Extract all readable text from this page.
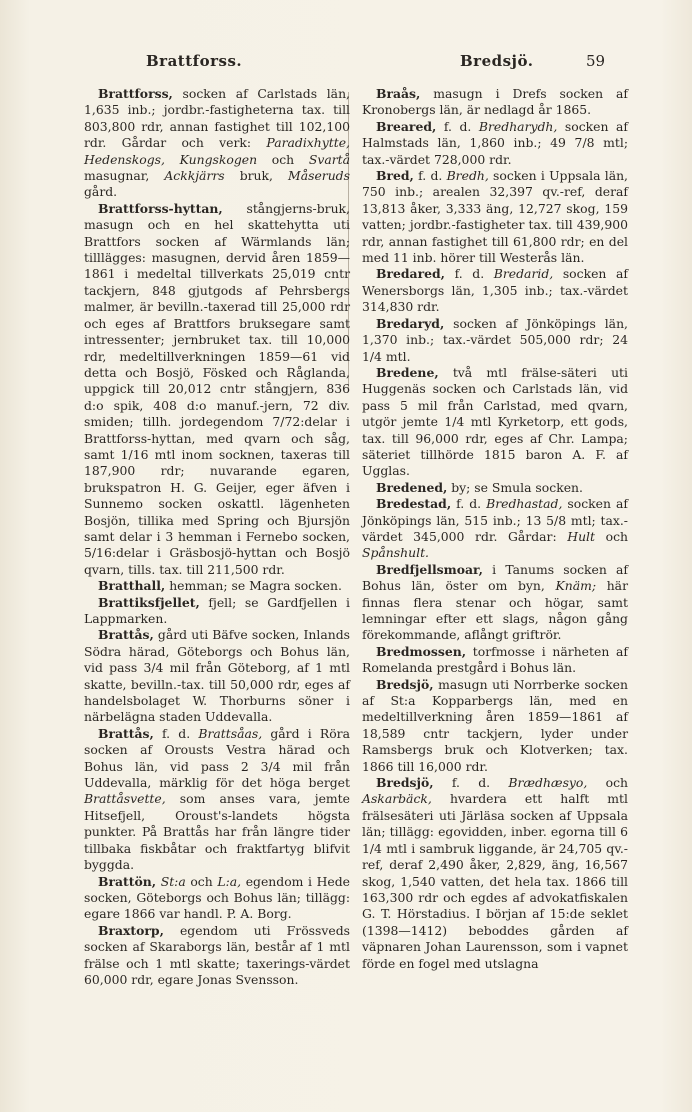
Brattforss.	Bredsjö.	59

Brattforss, socken af Carlstads län, 1,635 inb.; jordbr.-fastigheterna tax. till 803,800 rdr, annan fastighet till 102,100 rdr. Gårdar och verk: Paradixhytte, Hedenskogs, Kungskogen och Svartå masugnar, Ackkjärrs bruk, Måseruds gård.

Brattforss-hyttan, stångjerns-bruk, masugn och en hel skattehytta uti Brattfors socken af Wärmlands län; tilllägges: masugnen, dervid åren 1859—1861 i medeltal tillverkats 25,019 cntr tackjern, 848 gjutgods af Pehrsbergs malmer, är bevilln.-taxerad till 25,000 rdr och eges af Brattfors bruksegare samt intressenter; jernbruket tax. till 10,000 rdr, medeltillverkningen 1859—61 vid detta och Bosjö, Fösked och Råglanda, uppgick till 20,012 cntr stångjern, 836 d:o spik, 408 d:o manuf.-jern, 72 div. smiden; tillh. jordegendom 7/72:delar i Brattforss-hyttan, med qvarn och såg, samt 1/16 mtl inom socknen, taxeras till 187,900 rdr; nuvarande egaren, brukspatron H. G. Geijer, eger äfven i Sunnemo socken oskattl. lägenheten Bosjön, tillika med Spring och Bjursjön samt delar i 3 hemman i Fernebo socken, 5/16:delar i Gräsbosjö-hyttan och Bosjö qvarn, tills. tax. till 211,500 rdr.

Bratthall, hemman; se Magra socken.

Brattiksfjellet, fjell; se Gardfjellen i Lappmarken.

Brattås, gård uti Bäfve socken, Inlands Södra härad, Göteborgs och Bohus län, vid pass 3/4 mil från Göteborg, af 1 mtl skatte, bevilln.-tax. till 50,000 rdr, eges af handelsbolaget W. Thorburns söner i närbelägna staden Uddevalla.

Brattås, f. d. Brattsåas, gård i Röra socken af Orousts Vestra härad och Bohus län, vid pass 2 3/4 mil från Uddevalla, märklig för det höga berget Brattåsvette, som anses vara, jemte Hitsefjell, Oroust's-landets högsta punkter. På Brattås har från längre tider tillbaka fiskbåtar och fraktfartyg blifvit byggda.

Brattön, St:a och L:a, egendom i Hede socken, Göteborgs och Bohus län; tillägg: egare 1866 var handl. P. A. Borg.

Braxtorp, egendom uti Frössveds socken af Skaraborgs län, består af 1 mtl frälse och 1 mtl skatte; taxerings-värdet 60,000 rdr, egare Jonas Svensson.

Braås, masugn i Drefs socken af Kronobergs län, är nedlagd år 1865.

Breared, f. d. Bredharydh, socken af Halmstads län, 1,860 inb.; 49 7/8 mtl; tax.-värdet 728,000 rdr.

Bred, f. d. Bredh, socken i Uppsala län, 750 inb.; arealen 32,397 qv.-ref, deraf 13,813 åker, 3,333 äng, 12,727 skog, 159 vatten; jordbr.-fastigheter tax. till 439,900 rdr, annan fastighet till 61,800 rdr; en del med 11 inb. hörer till Westerås län.

Bredared, f. d. Bredarid, socken af Wenersborgs län, 1,305 inb.; tax.-värdet 314,830 rdr.

Bredaryd, socken af Jönköpings län, 1,370 inb.; tax.-värdet 505,000 rdr; 24 1/4 mtl.

Bredene, två mtl frälse-säteri uti Huggenäs socken och Carlstads län, vid pass 5 mil från Carlstad, med qvarn, utgör jemte 1/4 mtl Kyrketorp, ett gods, tax. till 96,000 rdr, eges af Chr. Lampa; säteriet tillhörde 1815 baron A. F. af Ugglas.

Bredened, by; se Smula socken.

Bredestad, f. d. Bredhastad, socken af Jönköpings län, 515 inb.; 13 5/8 mtl; tax.-värdet 345,000 rdr. Gårdar: Hult och Spånshult.

Bredfjellsmoar, i Tanums socken af Bohus län, öster om byn, Knäm; här finnas flera stenar och högar, samt lemningar efter ett slags, någon gång förekommande, aflångt griftrör.

Bredmossen, torfmosse i närheten af Romelanda prestgård i Bohus län.

Bredsjö, masugn uti Norrberke socken af St:a Kopparbergs län, med en medeltillverkning åren 1859—1861 af 18,589 cntr tackjern, lyder under Ramsbergs bruk och Klotverken; tax. 1866 till 16,000 rdr.

Bredsjö, f. d. Brædhæsyo, och Askarbäck, hvardera ett halft mtl frälsesäteri uti Järläsa socken af Uppsala län; tillägg: egovidden, inber. egorna till 6 1/4 mtl i sambruk liggande, är 24,705 qv.-ref, deraf 2,490 åker, 2,829, äng, 16,567 skog, 1,540 vatten, det hela tax. 1866 till 163,300 rdr och egdes af advokatfiskalen G. T. Hörstadius. I början af 15:de seklet (1398—1412) beboddes gården af väpnaren Johan Laurensson, som i vapnet förde en fogel med utslagna
